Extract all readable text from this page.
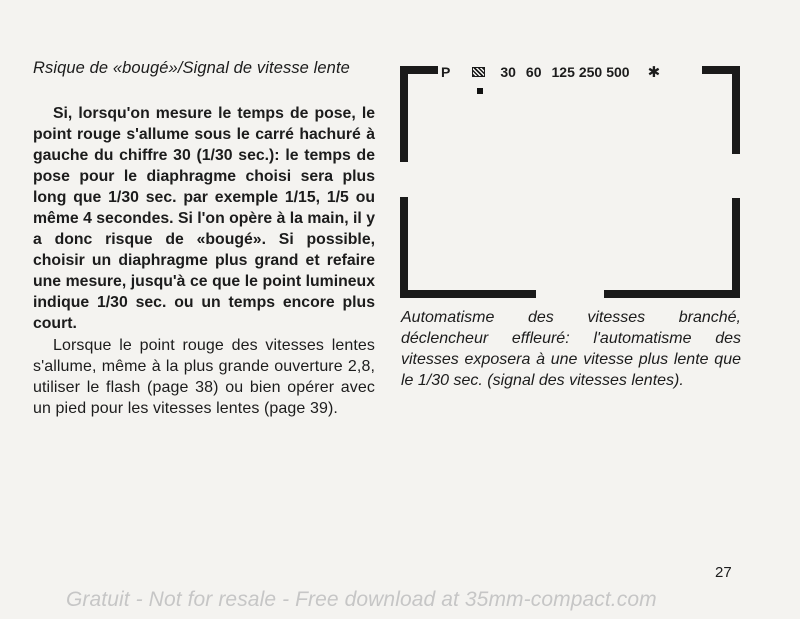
Rsique de «bougé»/Signal de vitesse lente

Si, lorsqu'on mesure le temps de pose, le point rouge s'allume sous le carré hachuré à gauche du chiffre 30 (1/30 sec.): le temps de pose pour le diaphragme choisi sera plus long que 1/30 sec. par exemple 1/15, 1/5 ou même 4 secondes. Si l'on opère à la main, il y a donc risque de «bougé». Si possible, choisir un diaphragme plus grand et refaire une mesure, jusqu'à ce que le point lumineux indique 1/30 sec. ou un temps encore plus court.

Lorsque le point rouge des vitesses lentes s'allume, même à la plus grande ouverture 2,8, utiliser le flash (page 38) ou bien opérer avec un pied pour les vitesses lentes (page 39).

P	30 60 125 250 500 ✱

Automatisme des vitesses branché, déclencheur effleuré: l'automatisme des vitesses exposera à une vitesse plus lente que le 1/30 sec. (signal des vitesses lentes).

27
Gratuit - Not for resale - Free download at 35mm-compact.com
